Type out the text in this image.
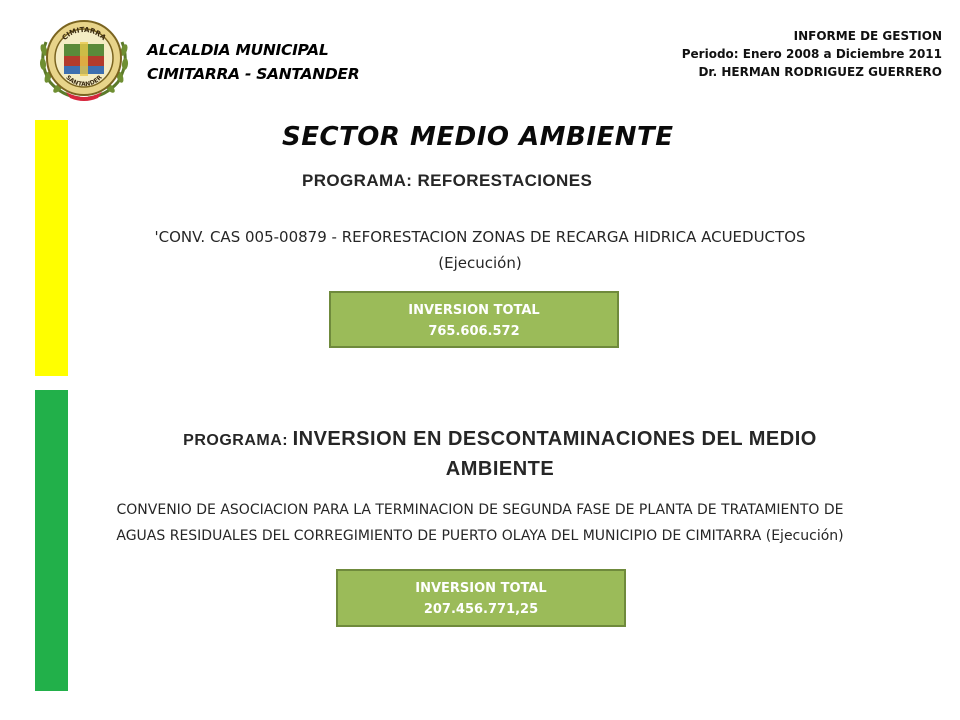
CIMITARRA
SANTANDER
ALCALDIA MUNICIPAL
CIMITARRA - SANTANDER
INFORME DE GESTION
Periodo: Enero 2008 a Diciembre 2011
Dr. HERMAN RODRIGUEZ GUERRERO
SECTOR MEDIO AMBIENTE
PROGRAMA: REFORESTACIONES
'CONV. CAS 005-00879 - REFORESTACION ZONAS DE RECARGA HIDRICA ACUEDUCTOS
(Ejecución)
INVERSION TOTAL
765.606.572
PROGRAMA: INVERSION EN DESCONTAMINACIONES DEL MEDIO
AMBIENTE
CONVENIO DE ASOCIACION PARA LA TERMINACION DE SEGUNDA FASE DE PLANTA DE TRATAMIENTO DE
AGUAS RESIDUALES DEL CORREGIMIENTO DE PUERTO OLAYA DEL MUNICIPIO DE CIMITARRA (Ejecución)
INVERSION TOTAL
207.456.771,25
